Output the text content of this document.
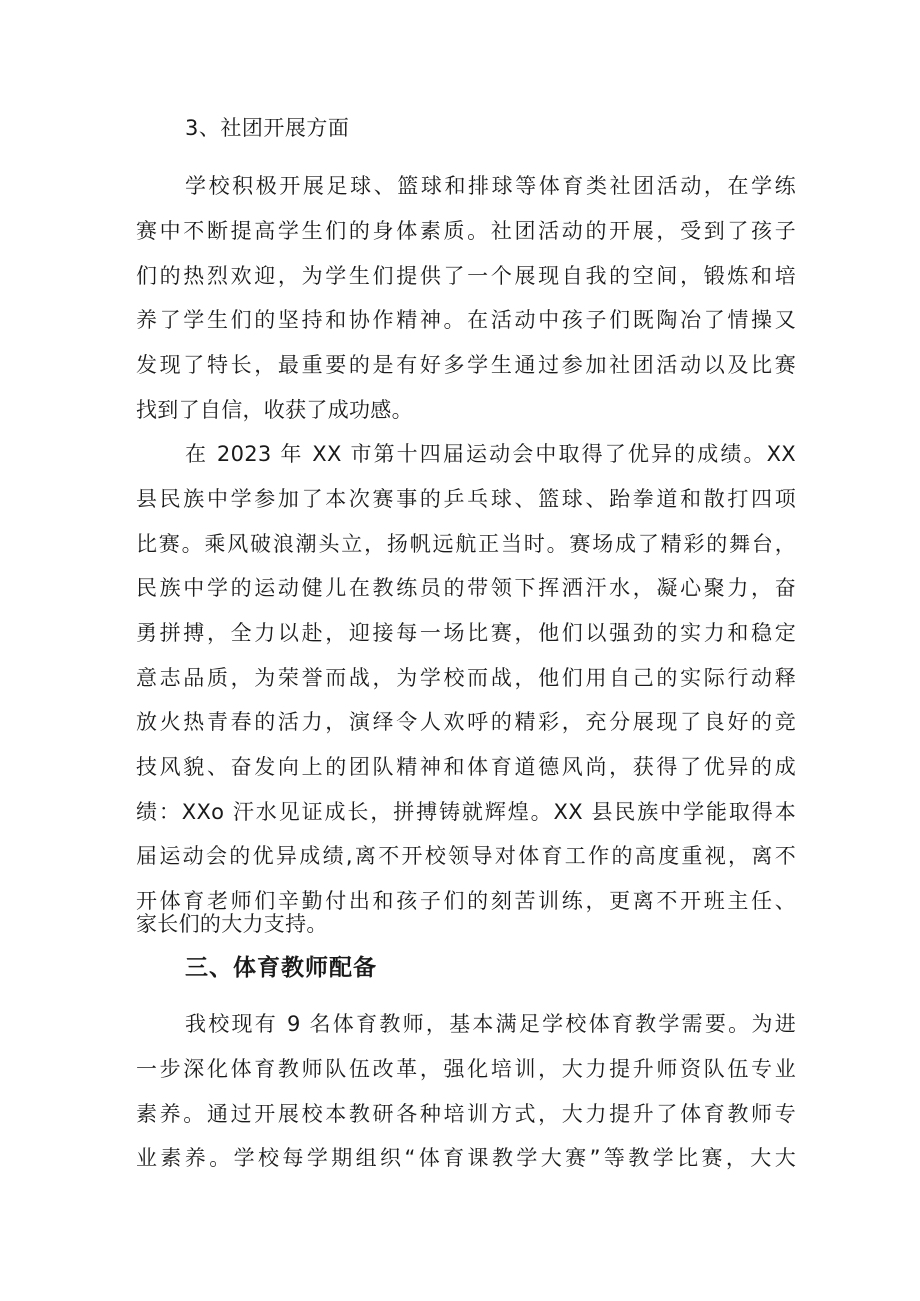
3、社团开展方面
学校积极开展足球、篮球和排球等体育类社团活动，在学练
赛中不断提高学生们的身体素质。社团活动的开展，受到了孩子
们的热烈欢迎，为学生们提供了一个展现自我的空间，锻炼和培
养了学生们的坚持和协作精神。在活动中孩子们既陶冶了情操又
发现了特长，最重要的是有好多学生通过参加社团活动以及比赛
找到了自信，收获了成功感。
在 2023 年 XX 市第十四届运动会中取得了优异的成绩。XX
县民族中学参加了本次赛事的乒乓球、篮球、跆拳道和散打四项
比赛。乘风破浪潮头立，扬帆远航正当时。赛场成了精彩的舞台，
民族中学的运动健儿在教练员的带领下挥洒汗水，凝心聚力，奋
勇拼搏，全力以赴，迎接每一场比赛，他们以强劲的实力和稳定
意志品质，为荣誉而战，为学校而战，他们用自己的实际行动释
放火热青春的活力，演绎令人欢呼的精彩，充分展现了良好的竞
技风貌、奋发向上的团队精神和体育道德风尚，获得了优异的成
绩：XXo 汗水见证成长，拼搏铸就辉煌。XX 县民族中学能取得本
届运动会的优异成绩,离不开校领导对体育工作的高度重视，离不
开体育老师们辛勤付出和孩子们的刻苦训练，更离不开班主任、
家长们的大力支持。
三、体育教师配备
我校现有 9 名体育教师，基本满足学校体育教学需要。为进
一步深化体育教师队伍改革，强化培训，大力提升师资队伍专业
素养。通过开展校本教研各种培训方式，大力提升了体育教师专
业素养。学校每学期组织“体育课教学大赛”等教学比赛，大大
